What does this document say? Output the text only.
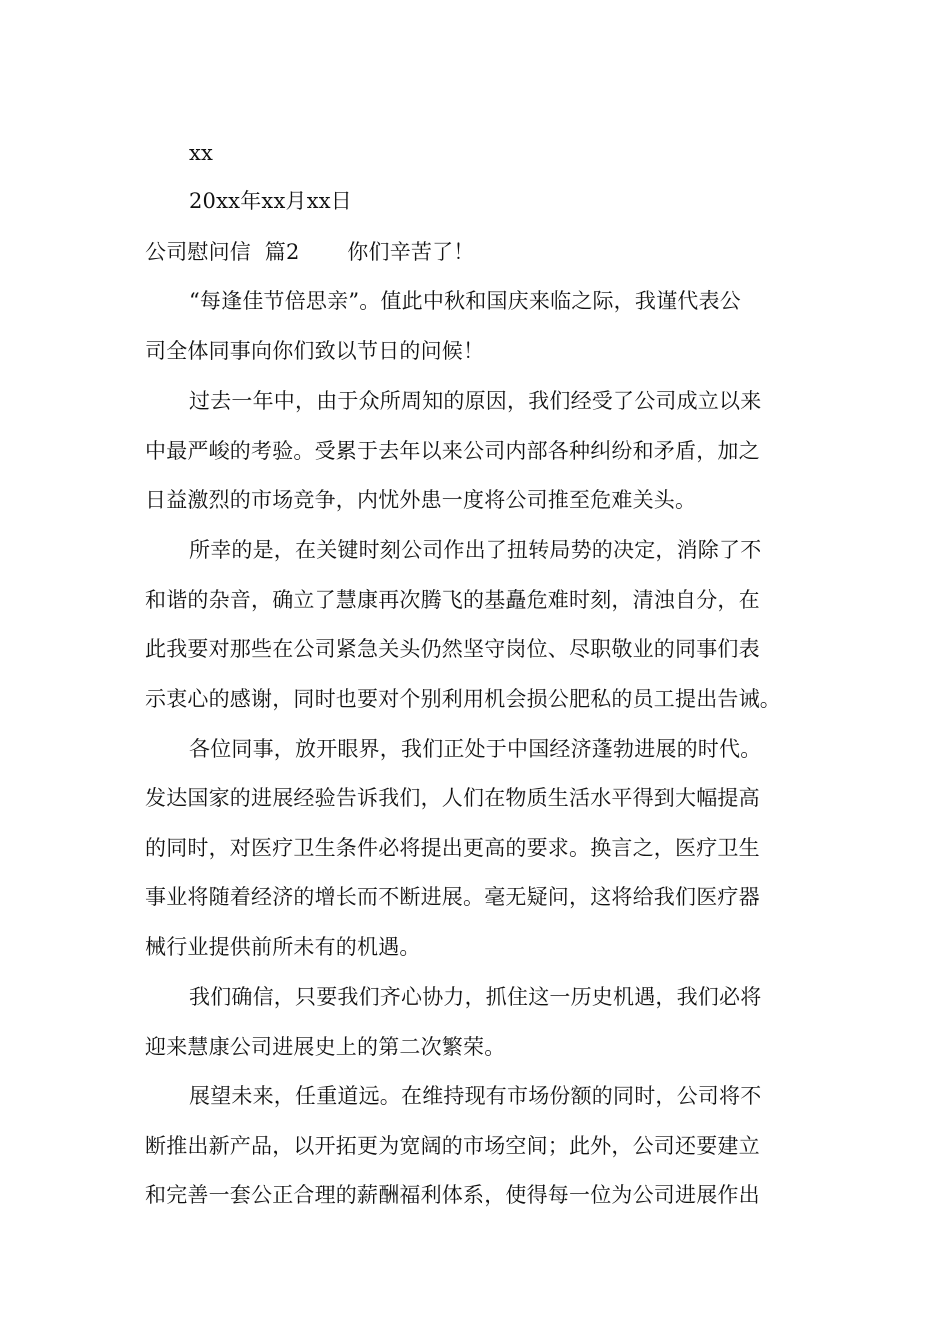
xx
20xx年xx月xx日
公司慰问信  篇2 你们辛苦了！
“每逢佳节倍思亲”。值此中秋和国庆来临之际，我谨代表公
司全体同事向你们致以节日的问候！
过去一年中，由于众所周知的原因，我们经受了公司成立以来
中最严峻的考验。受累于去年以来公司内部各种纠纷和矛盾，加之
日益激烈的市场竞争，内忧外患一度将公司推至危难关头。
所幸的是，在关键时刻公司作出了扭转局势的决定，消除了不
和谐的杂音，确立了慧康再次腾飞的基矗危难时刻，清浊自分，在
此我要对那些在公司紧急关头仍然坚守岗位、尽职敬业的同事们表
示衷心的感谢，同时也要对个别利用机会损公肥私的员工提出告诫。
各位同事，放开眼界，我们正处于中国经济蓬勃进展的时代。
发达国家的进展经验告诉我们，人们在物质生活水平得到大幅提高
的同时，对医疗卫生条件必将提出更高的要求。换言之，医疗卫生
事业将随着经济的增长而不断进展。毫无疑问，这将给我们医疗器
械行业提供前所未有的机遇。
我们确信，只要我们齐心协力，抓住这一历史机遇，我们必将
迎来慧康公司进展史上的第二次繁荣。
展望未来，任重道远。在维持现有市场份额的同时，公司将不
断推出新产品，以开拓更为宽阔的市场空间；此外，公司还要建立
和完善一套公正合理的薪酬福利体系，使得每一位为公司进展作出
